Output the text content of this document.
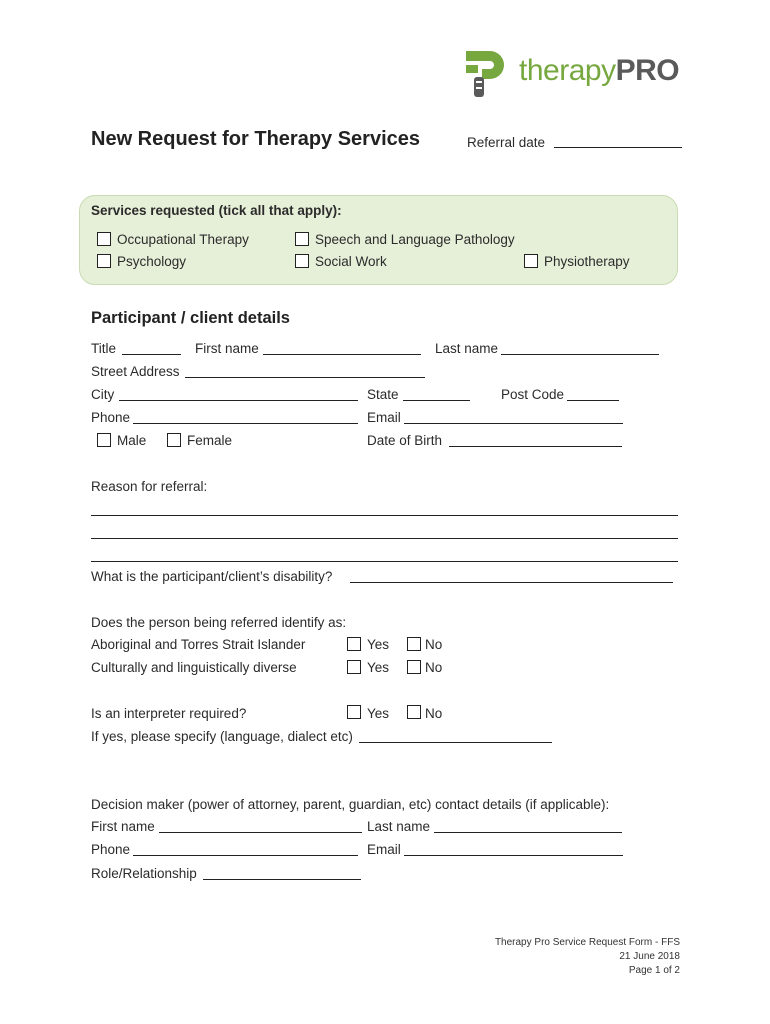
therapyPRO
New Request for Therapy Services	Referral date
Services requested (tick all that apply):
Occupational Therapy	Speech and Language Pathology
Psychology	Social Work	Physiotherapy
Participant / client details
Title	First name	Last name
Street Address
City	State	Post Code
Phone	Email
Male	Female	Date of Birth
Reason for referral:
What is the participant/client’s disability?
Does the person being referred identify as:
Aboriginal and Torres Strait Islander	Yes	No
Culturally and linguistically diverse	Yes	No
Is an interpreter required?	Yes	No
If yes, please specify (language, dialect etc)
Decision maker (power of attorney, parent, guardian, etc) contact details (if applicable):
First name	Last name
Phone	Email
Role/Relationship
Therapy Pro Service Request Form - FFS
21 June 2018
Page 1 of 2
